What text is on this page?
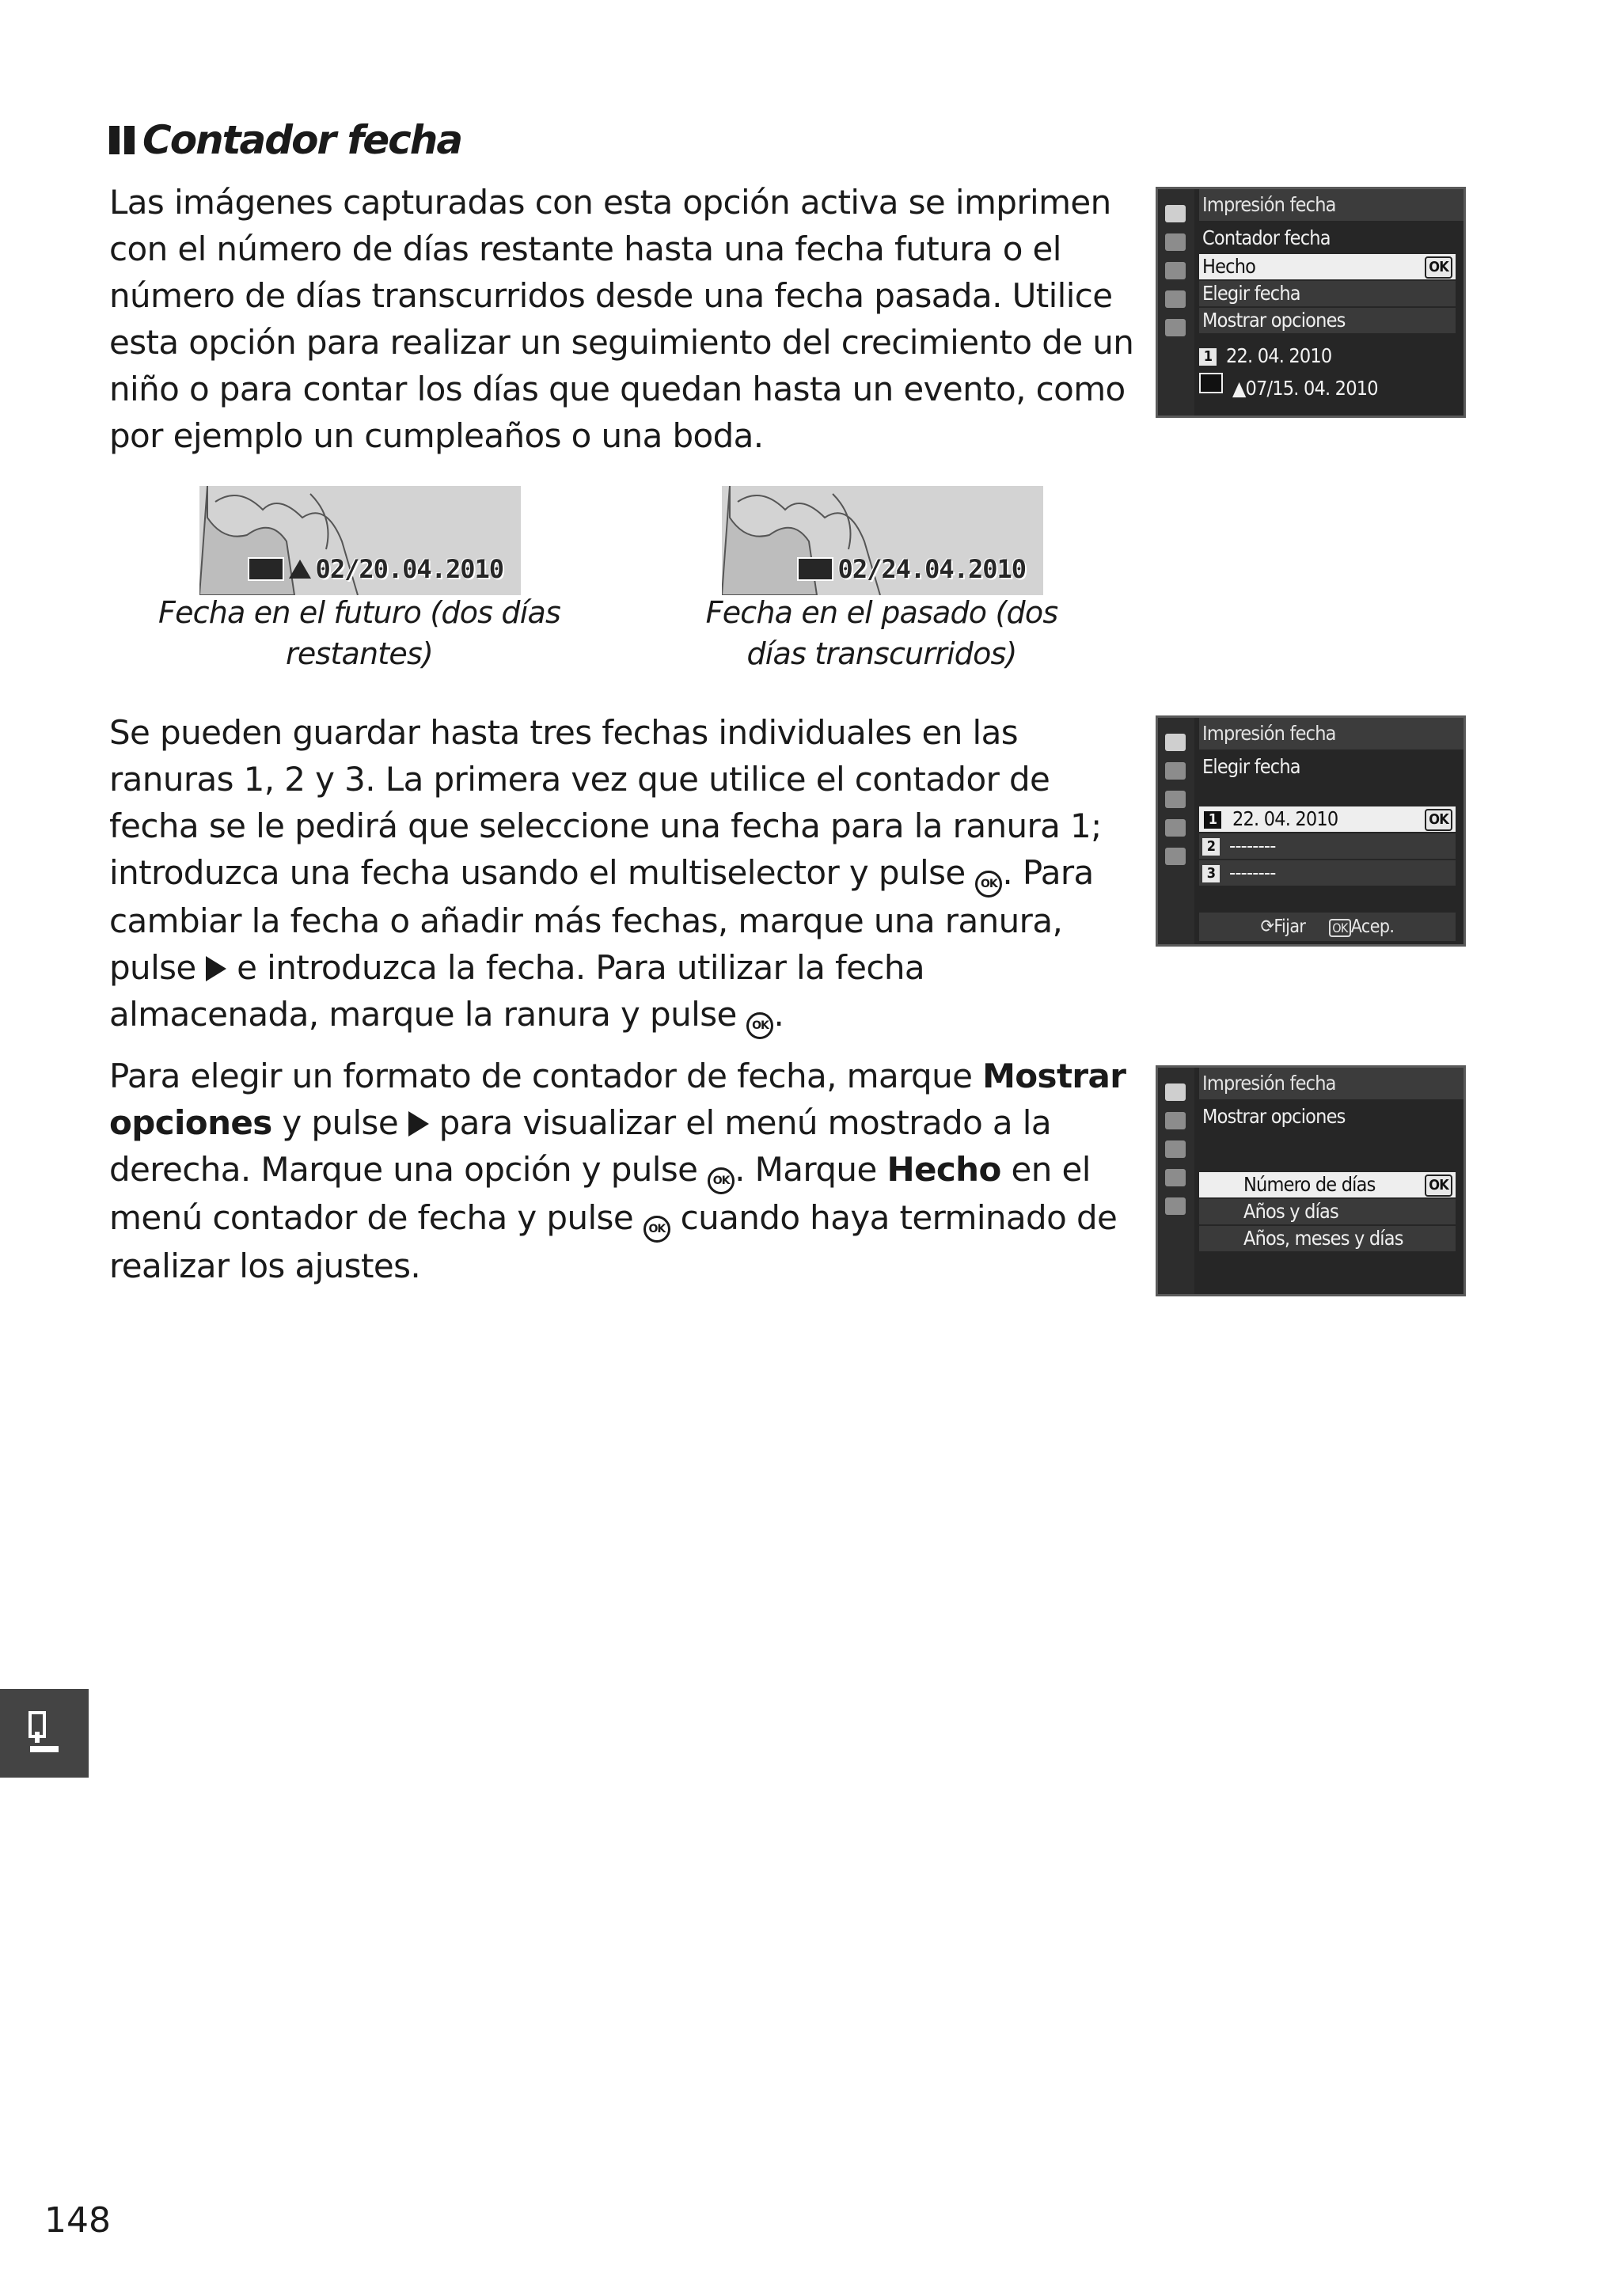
Contador fecha

Las imágenes capturadas con esta opción activa se imprimen con el número de días restante hasta una fecha futura o el número de días transcurridos desde una fecha pasada. Utilice esta opción para realizar un seguimiento del crecimiento de un niño o para contar los días que quedan hasta un evento, como por ejemplo un cumpleaños o una boda.

Impresión fecha
Contador fecha
Hecho	OK
Elegir fecha
Mostrar opciones
1 22. 04. 2010
▲07/15. 04. 2010
02/20.04.2010
Fecha en el futuro (dos días restantes)
02/24.04.2010
Fecha en el pasado (dos días transcurridos)

Se pueden guardar hasta tres fechas individuales en las ranuras 1, 2 y 3. La primera vez que utilice el contador de fecha se le pedirá que seleccione una fecha para la ranura 1; introduzca una fecha usando el multiselector y pulse OK . Para cambiar la fecha o añadir más fechas, marque una ranura, pulse  e introduzca la fecha. Para utilizar la fecha almacenada, marque la ranura y pulse OK .

Impresión fecha
Elegir fecha
1 22. 04. 2010	OK
2 --------
3 --------
⟳Fijar OK Acep.

Para elegir un formato de contador de fecha, marque Mostrar opciones y pulse  para visualizar el menú mostrado a la derecha. Marque una opción y pulse OK . Marque Hecho en el menú contador de fecha y pulse OK cuando haya terminado de realizar los ajustes.

Impresión fecha
Mostrar opciones
Número de días	OK
Años y días
Años, meses y días
148
